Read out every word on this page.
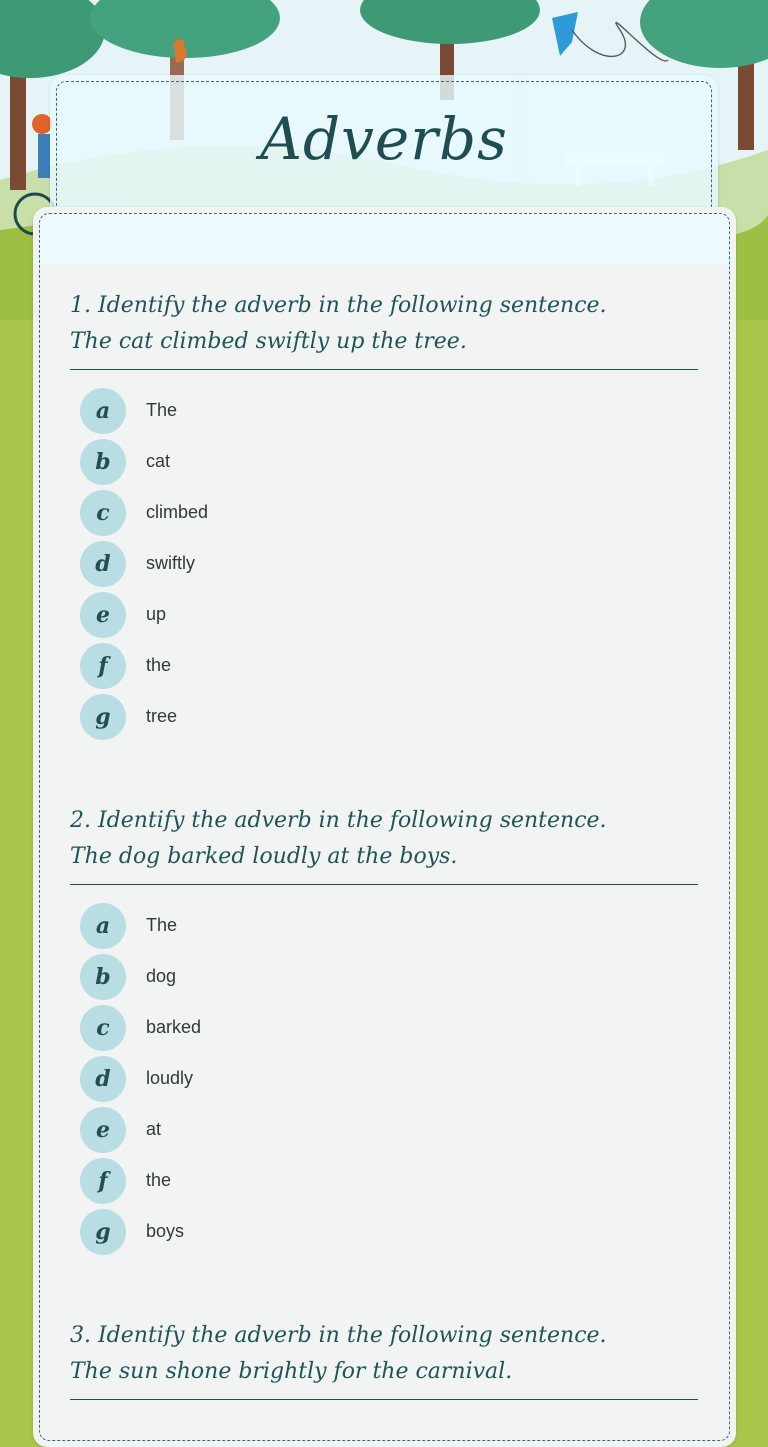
Adverbs
1. Identify the adverb in the following sentence.
The cat climbed swiftly up the tree.
a	The
b	cat
c	climbed
d	swiftly
e	up
f	the
g	tree
2. Identify the adverb in the following sentence.
The dog barked loudly at the boys.
a	The
b	dog
c	barked
d	loudly
e	at
f	the
g	boys
3. Identify the adverb in the following sentence.
The sun shone brightly for the carnival.
